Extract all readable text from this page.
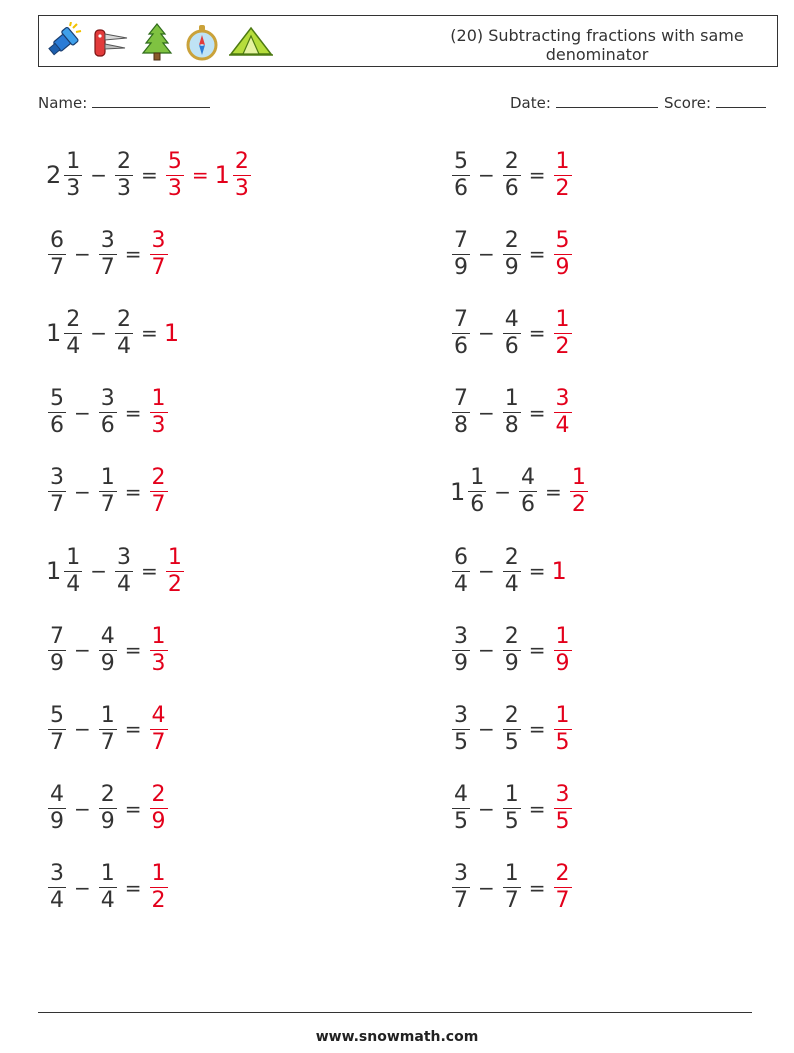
(20) Subtracting fractions with same
denominator
Name:	Date:	Score:
$2 \frac{1}{3} - \frac{2}{3} = \frac{5}{3} = 1 \frac{2}{3}$
$\frac{6}{7} - \frac{3}{7} = \frac{3}{7}$
$1 \frac{2}{4} - \frac{2}{4} = 1$
$\frac{5}{6} - \frac{3}{6} = \frac{1}{3}$
$\frac{3}{7} - \frac{1}{7} = \frac{2}{7}$
$1 \frac{1}{4} - \frac{3}{4} = \frac{1}{2}$
$\frac{7}{9} - \frac{4}{9} = \frac{1}{3}$
$\frac{5}{7} - \frac{1}{7} = \frac{4}{7}$
$\frac{4}{9} - \frac{2}{9} = \frac{2}{9}$
$\frac{3}{4} - \frac{1}{4} = \frac{1}{2}$
$\frac{5}{6} - \frac{2}{6} = \frac{1}{2}$
$\frac{7}{9} - \frac{2}{9} = \frac{5}{9}$
$\frac{7}{6} - \frac{4}{6} = \frac{1}{2}$
$\frac{7}{8} - \frac{1}{8} = \frac{3}{4}$
$1 \frac{1}{6} - \frac{4}{6} = \frac{1}{2}$
$\frac{6}{4} - \frac{2}{4} = 1$
$\frac{3}{9} - \frac{2}{9} = \frac{1}{9}$
$\frac{3}{5} - \frac{2}{5} = \frac{1}{5}$
$\frac{4}{5} - \frac{1}{5} = \frac{3}{5}$
$\frac{3}{7} - \frac{1}{7} = \frac{2}{7}$
www.snowmath.com
